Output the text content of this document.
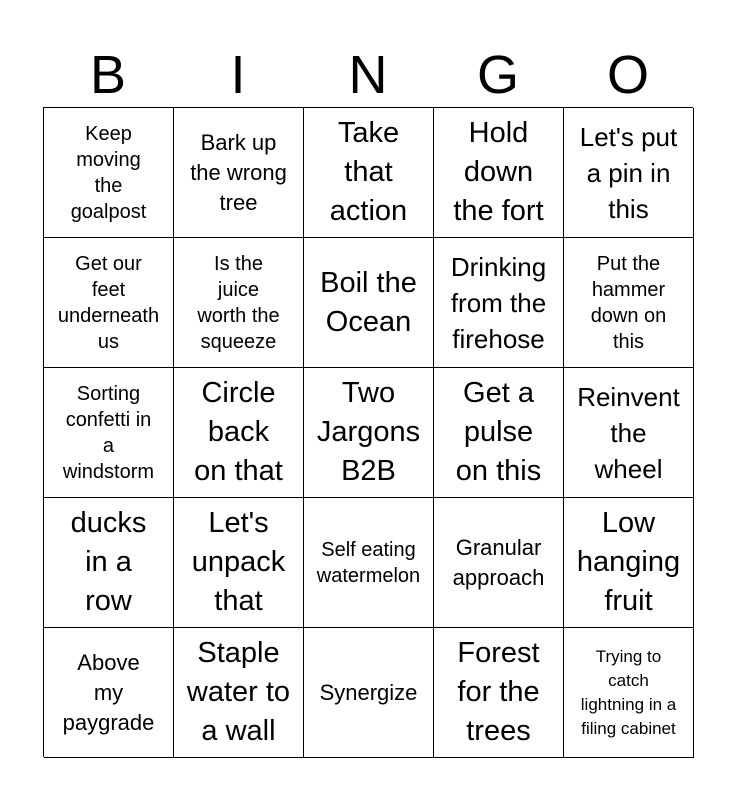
B	I	N	G	O
Keep
moving
the
goalpost
Bark up
the wrong
tree
Take
that
action
Hold
down
the fort
Let's put
a pin in
this
Get our
feet
underneath
us
Is the
juice
worth the
squeeze
Boil the
Ocean
Drinking
from the
firehose
Put the
hammer
down on
this
Sorting
confetti in
a
windstorm
Circle
back
on that
Two
Jargons
B2B
Get a
pulse
on this
Reinvent
the
wheel
ducks
in a
row
Let's
unpack
that
Self eating
watermelon
Granular
approach
Low
hanging
fruit
Above
my
paygrade
Staple
water to
a wall
Synergize
Forest
for the
trees
Trying to
catch
lightning in a
filing cabinet
